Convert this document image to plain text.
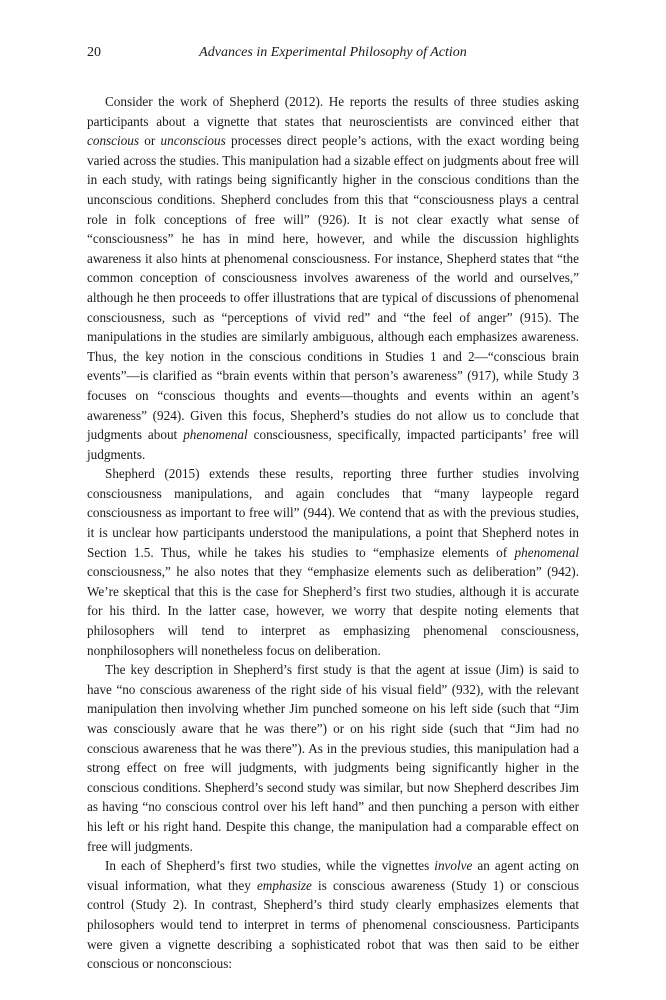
20	Advances in Experimental Philosophy of Action

Consider the work of Shepherd (2012). He reports the results of three studies asking participants about a vignette that states that neuroscientists are convinced either that conscious or unconscious processes direct people’s actions, with the exact wording being varied across the studies. This manipulation had a sizable effect on judgments about free will in each study, with ratings being significantly higher in the conscious conditions than the unconscious conditions. Shepherd concludes from this that “consciousness plays a central role in folk conceptions of free will” (926). It is not clear exactly what sense of “consciousness” he has in mind here, however, and while the discussion highlights awareness it also hints at phenomenal consciousness. For instance, Shepherd states that “the common conception of consciousness involves awareness of the world and ourselves,” although he then proceeds to offer illustrations that are typical of discussions of phenomenal consciousness, such as “perceptions of vivid red” and “the feel of anger” (915). The manipulations in the studies are similarly ambiguous, although each emphasizes awareness. Thus, the key notion in the conscious conditions in Studies 1 and 2—“conscious brain events”—is clarified as “brain events within that person’s awareness” (917), while Study 3 focuses on “conscious thoughts and events—thoughts and events within an agent’s awareness” (924). Given this focus, Shepherd’s studies do not allow us to conclude that judgments about phenomenal consciousness, specifically, impacted participants’ free will judgments.

Shepherd (2015) extends these results, reporting three further studies involving consciousness manipulations, and again concludes that “many laypeople regard consciousness as important to free will” (944). We contend that as with the previous studies, it is unclear how participants understood the manipulations, a point that Shepherd notes in Section 1.5. Thus, while he takes his studies to “emphasize elements of phenomenal consciousness,” he also notes that they “emphasize elements such as deliberation” (942). We’re skeptical that this is the case for Shepherd’s first two studies, although it is accurate for his third. In the latter case, however, we worry that despite noting elements that philosophers will tend to interpret as emphasizing phenomenal consciousness, nonphilosophers will nonetheless focus on deliberation.

The key description in Shepherd’s first study is that the agent at issue (Jim) is said to have “no conscious awareness of the right side of his visual field” (932), with the relevant manipulation then involving whether Jim punched someone on his left side (such that “Jim was consciously aware that he was there”) or on his right side (such that “Jim had no conscious awareness that he was there”). As in the previous studies, this manipulation had a strong effect on free will judgments, with judgments being significantly higher in the conscious conditions. Shepherd’s second study was similar, but now Shepherd describes Jim as having “no conscious control over his left hand” and then punching a person with either his left or his right hand. Despite this change, the manipulation had a comparable effect on free will judgments.

In each of Shepherd’s first two studies, while the vignettes involve an agent acting on visual information, what they emphasize is conscious awareness (Study 1) or conscious control (Study 2). In contrast, Shepherd’s third study clearly emphasizes elements that philosophers would tend to interpret in terms of phenomenal consciousness. Participants were given a vignette describing a sophisticated robot that was then said to be either conscious or nonconscious:
